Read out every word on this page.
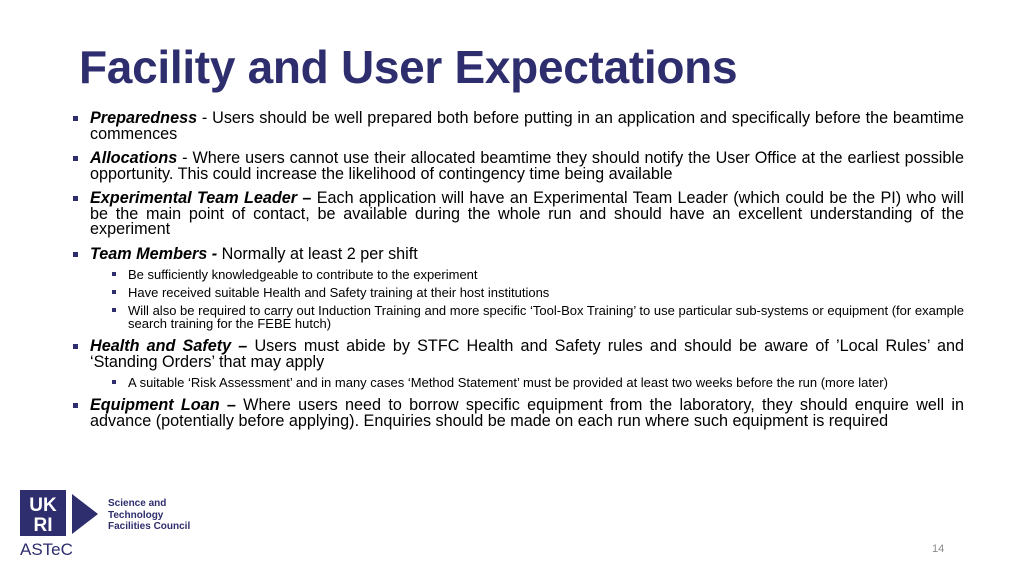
Facility and User Expectations
Preparedness - Users should be well prepared both before putting in an application and specifically before the beamtime commences
Allocations - Where users cannot use their allocated beamtime they should notify the User Office at the earliest possible opportunity. This could increase the likelihood of contingency time being available
Experimental Team Leader – Each application will have an Experimental Team Leader (which could be the PI) who will be the main point of contact, be available during the whole run and should have an excellent understanding of the experiment
Team Members - Normally at least 2 per shift
Be sufficiently knowledgeable to contribute to the experiment
Have received suitable Health and Safety training at their host institutions
Will also be required to carry out Induction Training and more specific ‘Tool-Box Training’ to use particular sub-systems or equipment (for example search training for the FEBE hutch)
Health and Safety – Users must abide by STFC Health and Safety rules and should be aware of ’Local Rules’ and ‘Standing Orders’ that may apply
A suitable ‘Risk Assessment’ and in many cases ‘Method Statement’ must be provided at least two weeks before the run (more later)
Equipment Loan – Where users need to borrow specific equipment from the laboratory, they should enquire well in advance (potentially before applying). Enquiries should be made on each run where such equipment is required
UK
RI
Science and
Technology
Facilities Council
ASTeC	14
